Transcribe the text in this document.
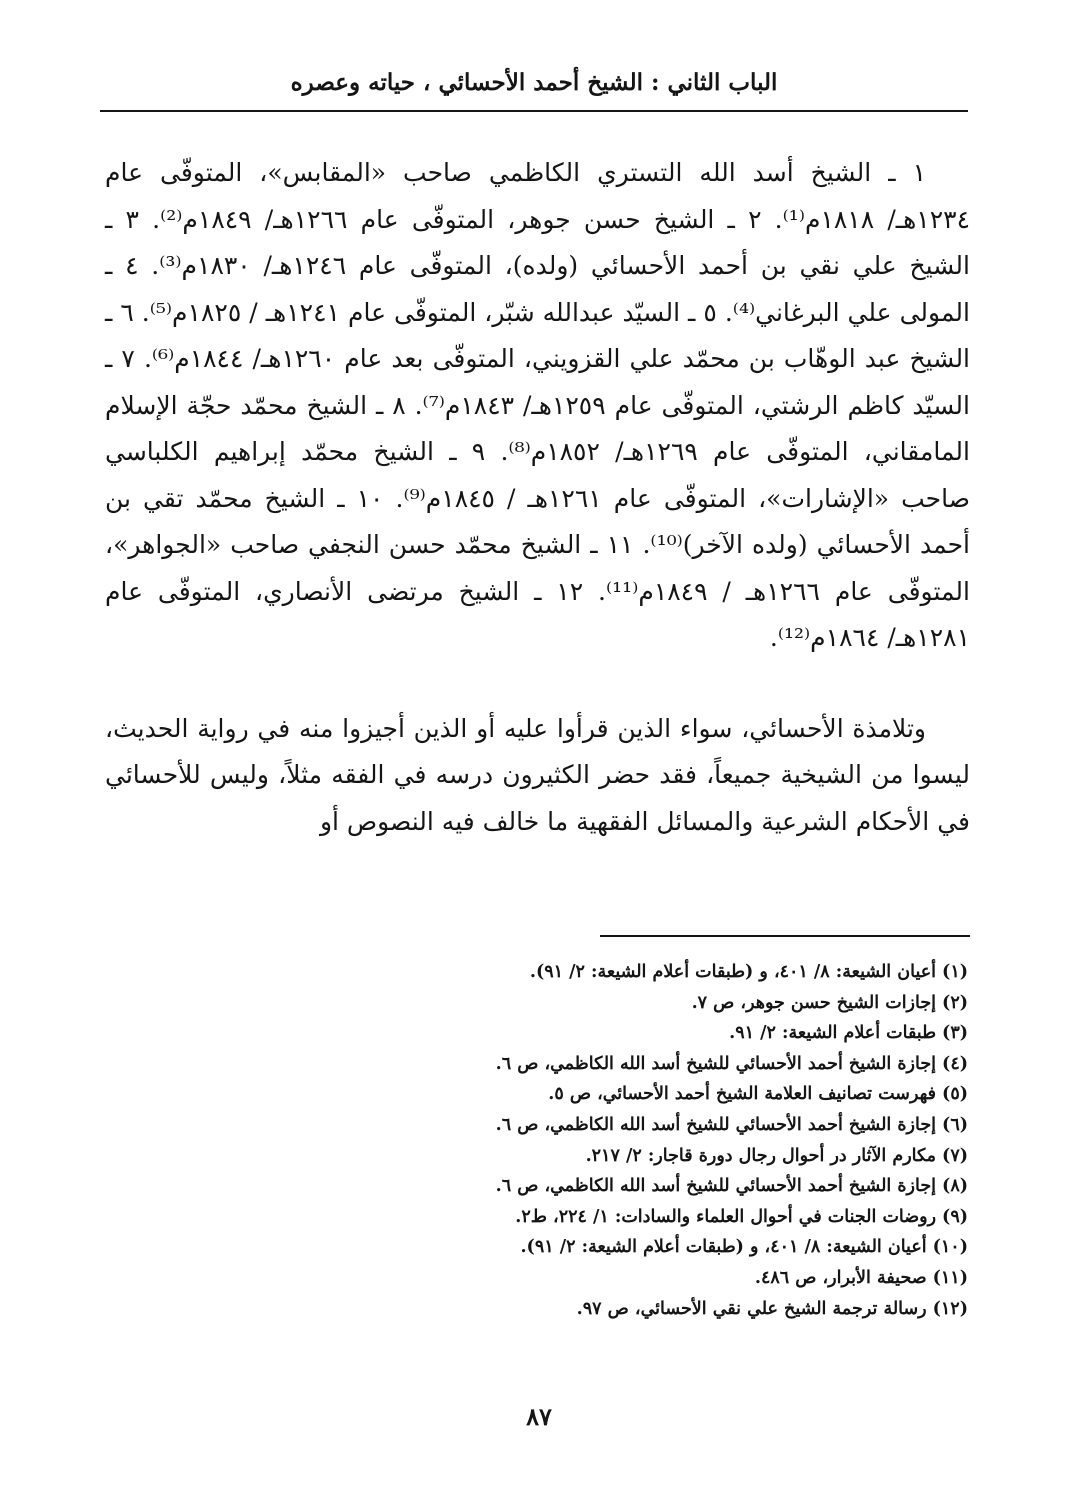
الباب الثاني : الشيخ أحمد الأحسائي ، حياته وعصره

١ ـ الشيخ أسد الله التستري الكاظمي صاحب «المقابس»، المتوفّى عام ١٢٣٤هـ/ ١٨١٨م⁽¹⁾. ٢ ـ الشيخ حسن جوهر، المتوفّى عام ١٢٦٦هـ/ ١٨٤٩م⁽²⁾. ٣ ـ الشيخ علي نقي بن أحمد الأحسائي (ولده)، المتوفّى عام ١٢٤٦هـ/ ١٨٣٠م⁽³⁾. ٤ ـ المولى علي البرغاني⁽⁴⁾. ٥ ـ السيّد عبدالله شبّر، المتوفّى عام ١٢٤١هـ / ١٨٢٥م⁽⁵⁾. ٦ ـ الشيخ عبد الوهّاب بن محمّد علي القزويني، المتوفّى بعد عام ١٢٦٠هـ/ ١٨٤٤م⁽⁶⁾. ٧ ـ السيّد كاظم الرشتي، المتوفّى عام ١٢٥٩هـ/ ١٨٤٣م⁽⁷⁾. ٨ ـ الشيخ محمّد حجّة الإسلام المامقاني، المتوفّى عام ١٢٦٩هـ/ ١٨٥٢م⁽⁸⁾. ٩ ـ الشيخ محمّد إبراهيم الكلباسي صاحب «الإشارات»، المتوفّى عام ١٢٦١هـ / ١٨٤٥م⁽⁹⁾. ١٠ ـ الشيخ محمّد تقي بن أحمد الأحسائي (ولده الآخر)⁽¹⁰⁾. ١١ ـ الشيخ محمّد حسن النجفي صاحب «الجواهر»، المتوفّى عام ١٢٦٦هـ / ١٨٤٩م⁽¹¹⁾. ١٢ ـ الشيخ مرتضى الأنصاري، المتوفّى عام ١٢٨١هـ/ ١٨٦٤م⁽¹²⁾.

وتلامذة الأحسائي، سواء الذين قرأوا عليه أو الذين أجيزوا منه في رواية الحديث، ليسوا من الشيخية جميعاً، فقد حضر الكثيرون درسه في الفقه مثلاً، وليس للأحسائي في الأحكام الشرعية والمسائل الفقهية ما خالف فيه النصوص أو

(١)أعيان الشيعة: ٨/ ٤٠١، و (طبقات أعلام الشيعة: ٢/ ٩١).
(٢)إجازات الشيخ حسن جوهر، ص ٧.
(٣)طبقات أعلام الشيعة: ٢/ ٩١.
(٤)إجازة الشيخ أحمد الأحسائي للشيخ أسد الله الكاظمي، ص ٦.
(٥)فهرست تصانيف العلامة الشيخ أحمد الأحسائي، ص ٥.
(٦)إجازة الشيخ أحمد الأحسائي للشيخ أسد الله الكاظمي، ص ٦.
(٧)مكارم الآثار در أحوال رجال دورة قاجار: ٢/ ٢١٧.
(٨)إجازة الشيخ أحمد الأحسائي للشيخ أسد الله الكاظمي، ص ٦.
(٩)روضات الجنات في أحوال العلماء والسادات: ١/ ٢٢٤، ط٢.
(١٠)أعيان الشيعة: ٨/ ٤٠١، و (طبقات أعلام الشيعة: ٢/ ٩١).
(١١)صحيفة الأبرار، ص ٤٨٦.
(١٢)رسالة ترجمة الشيخ علي نقي الأحسائي، ص ٩٧.
٨٧
